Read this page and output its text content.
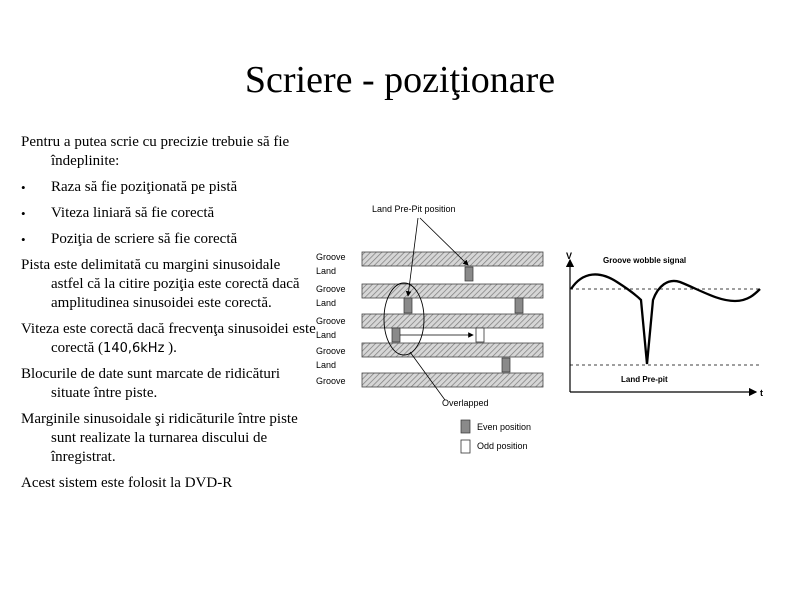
Scriere - poziţionare
Pentru a putea scrie cu precizie trebuie să fie îndeplinite:
• Raza să fie poziţionată pe pistă
• Viteza liniară să fie corectă
• Poziţia de scriere să fie corectă
Pista este delimitată cu margini sinusoidale astfel că la citire poziţia este corectă dacă amplitudinea sinusoidei este corectă.
Viteza este corectă dacă frecvenţa sinusoidei este corectă (140,6kHz ).
Blocurile de date sunt marcate de ridicături situate între piste.
Marginile sinusoidale şi ridicăturile între piste sunt realizate la turnarea discului de înregistrat.
Acest sistem este folosit la DVD-R
Land Pre-Pit position
Groove
Land
Groove
Land
Groove
Land
Groove
Land
Groove
Overlapped
Even position
Odd position
V
t
Groove wobble signal
Land Pre-pit
